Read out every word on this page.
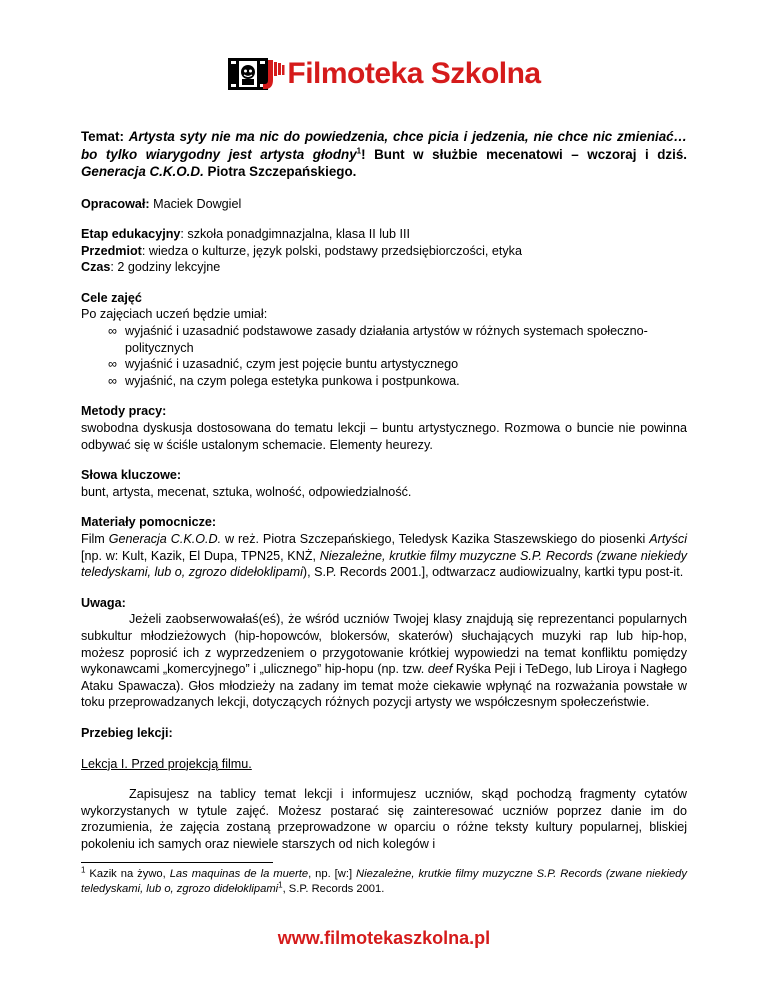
Filmoteka Szkolna

Temat: Artysta syty nie ma nic do powiedzenia, chce picia i jedzenia, nie chce nic zmieniać… bo tylko wiarygodny jest artysta głodny$^1$! Bunt w służbie mecenatowi – wczoraj i dziś. Generacja C.K.O.D. Piotra Szczepańskiego.

Opracował: Maciek Dowgiel

Etap edukacyjny: szkoła ponadgimnazjalna, klasa II lub III

Przedmiot: wiedza o kulturze, język polski, podstawy przedsiębiorczości, etyka

Czas: 2 godziny lekcyjne

Cele zajęć

Po zajęciach uczeń będzie umiał:

∞ wyjaśnić i uzasadnić podstawowe zasady działania artystów w różnych systemach społeczno-politycznych
∞ wyjaśnić i uzasadnić, czym jest pojęcie buntu artystycznego
∞ wyjaśnić, na czym polega estetyka punkowa i postpunkowa.

Metody pracy:

swobodna dyskusja dostosowana do tematu lekcji – buntu artystycznego. Rozmowa o buncie nie powinna odbywać się w ściśle ustalonym schemacie. Elementy heurezy.

Słowa kluczowe:

bunt, artysta, mecenat, sztuka, wolność, odpowiedzialność.

Materiały pomocnicze:

Film Generacja C.K.O.D. w reż. Piotra Szczepańskiego, Teledysk Kazika Staszewskiego do piosenki Artyści [np. w: Kult, Kazik, El Dupa, TPN25, KNŻ, Niezależne, krutkie filmy muzyczne S.P. Records (zwane niekiedy teledyskami, lub o, zgrozo didełoklipami), S.P. Records 2001.], odtwarzacz audiowizualny, kartki typu post-it.

Uwaga:

Jeżeli zaobserwowałaś(eś), że wśród uczniów Twojej klasy znajdują się reprezentanci popularnych subkultur młodzieżowych (hip-hopowców, blokersów, skaterów) słuchających muzyki rap lub hip-hop, możesz poprosić ich z wyprzedzeniem o przygotowanie krótkiej wypowiedzi na temat konfliktu pomiędzy wykonawcami „komercyjnego” i „ulicznego” hip-hopu (np. tzw. deef Ryśka Peji i TeDego, lub Liroya i Nagłego Ataku Spawacza). Głos młodzieży na zadany im temat może ciekawie wpłynąć na rozważania powstałe w toku przeprowadzanych lekcji, dotyczących różnych pozycji artysty we współczesnym społeczeństwie.

Przebieg lekcji:

Lekcja I. Przed projekcją filmu.

Zapisujesz na tablicy temat lekcji i informujesz uczniów, skąd pochodzą fragmenty cytatów wykorzystanych w tytule zajęć. Możesz postarać się zainteresować uczniów poprzez danie im do zrozumienia, że zajęcia zostaną przeprowadzone w oparciu o różne teksty kultury popularnej, bliskiej pokoleniu ich samych oraz niewiele starszych od nich kolegów i

$^1$ Kazik na żywo, Las maquinas de la muerte, np. [w:] Niezależne, krutkie filmy muzyczne S.P. Records (zwane niekiedy teledyskami, lub o, zgrozo didełoklipami$^1$, S.P. Records 2001.

www.filmotekaszkolna.pl
